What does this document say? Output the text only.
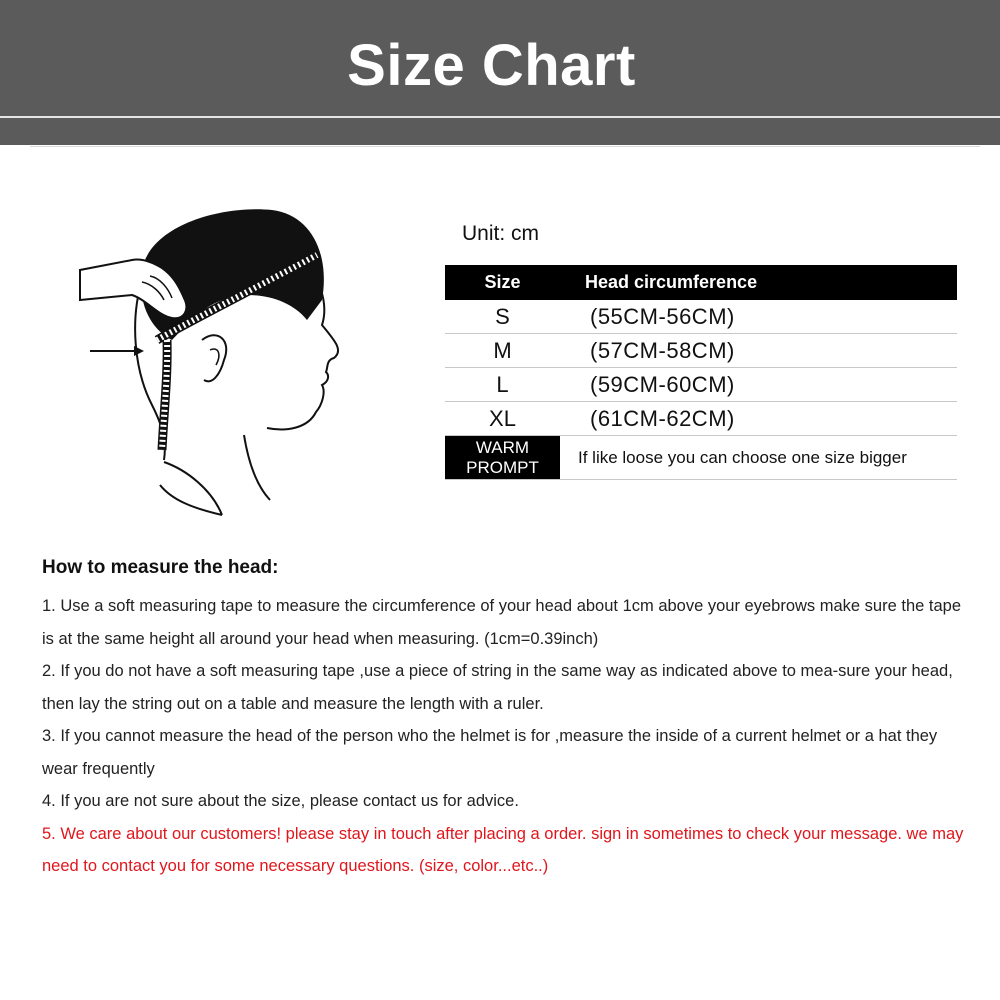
Size Chart
Unit: cm
Size	Head circumference
S	(55CM-56CM)
M	(57CM-58CM)
L	(59CM-60CM)
XL	(61CM-62CM)
WARM
PROMPT	If like loose you can choose one size bigger
How to measure the head:

1. Use a soft measuring tape to measure the circumference of your head about 1cm above your eyebrows make sure the tape is at the same height all around your head when measuring. (1cm=0.39inch)

2. If you do not have a soft measuring tape ,use a piece of string in the same way as indicated above to mea-sure your head, then lay the string out on a table and measure the length with a ruler.

3. If you cannot measure the head of the person who the helmet is for ,measure the inside of a current helmet or a hat they wear frequently

4. If you are not sure about the size, please contact us for advice.

5. We care about our customers! please stay in touch after placing a order. sign in sometimes to check your message. we may need to contact you for some necessary questions. (size, color...etc..)
